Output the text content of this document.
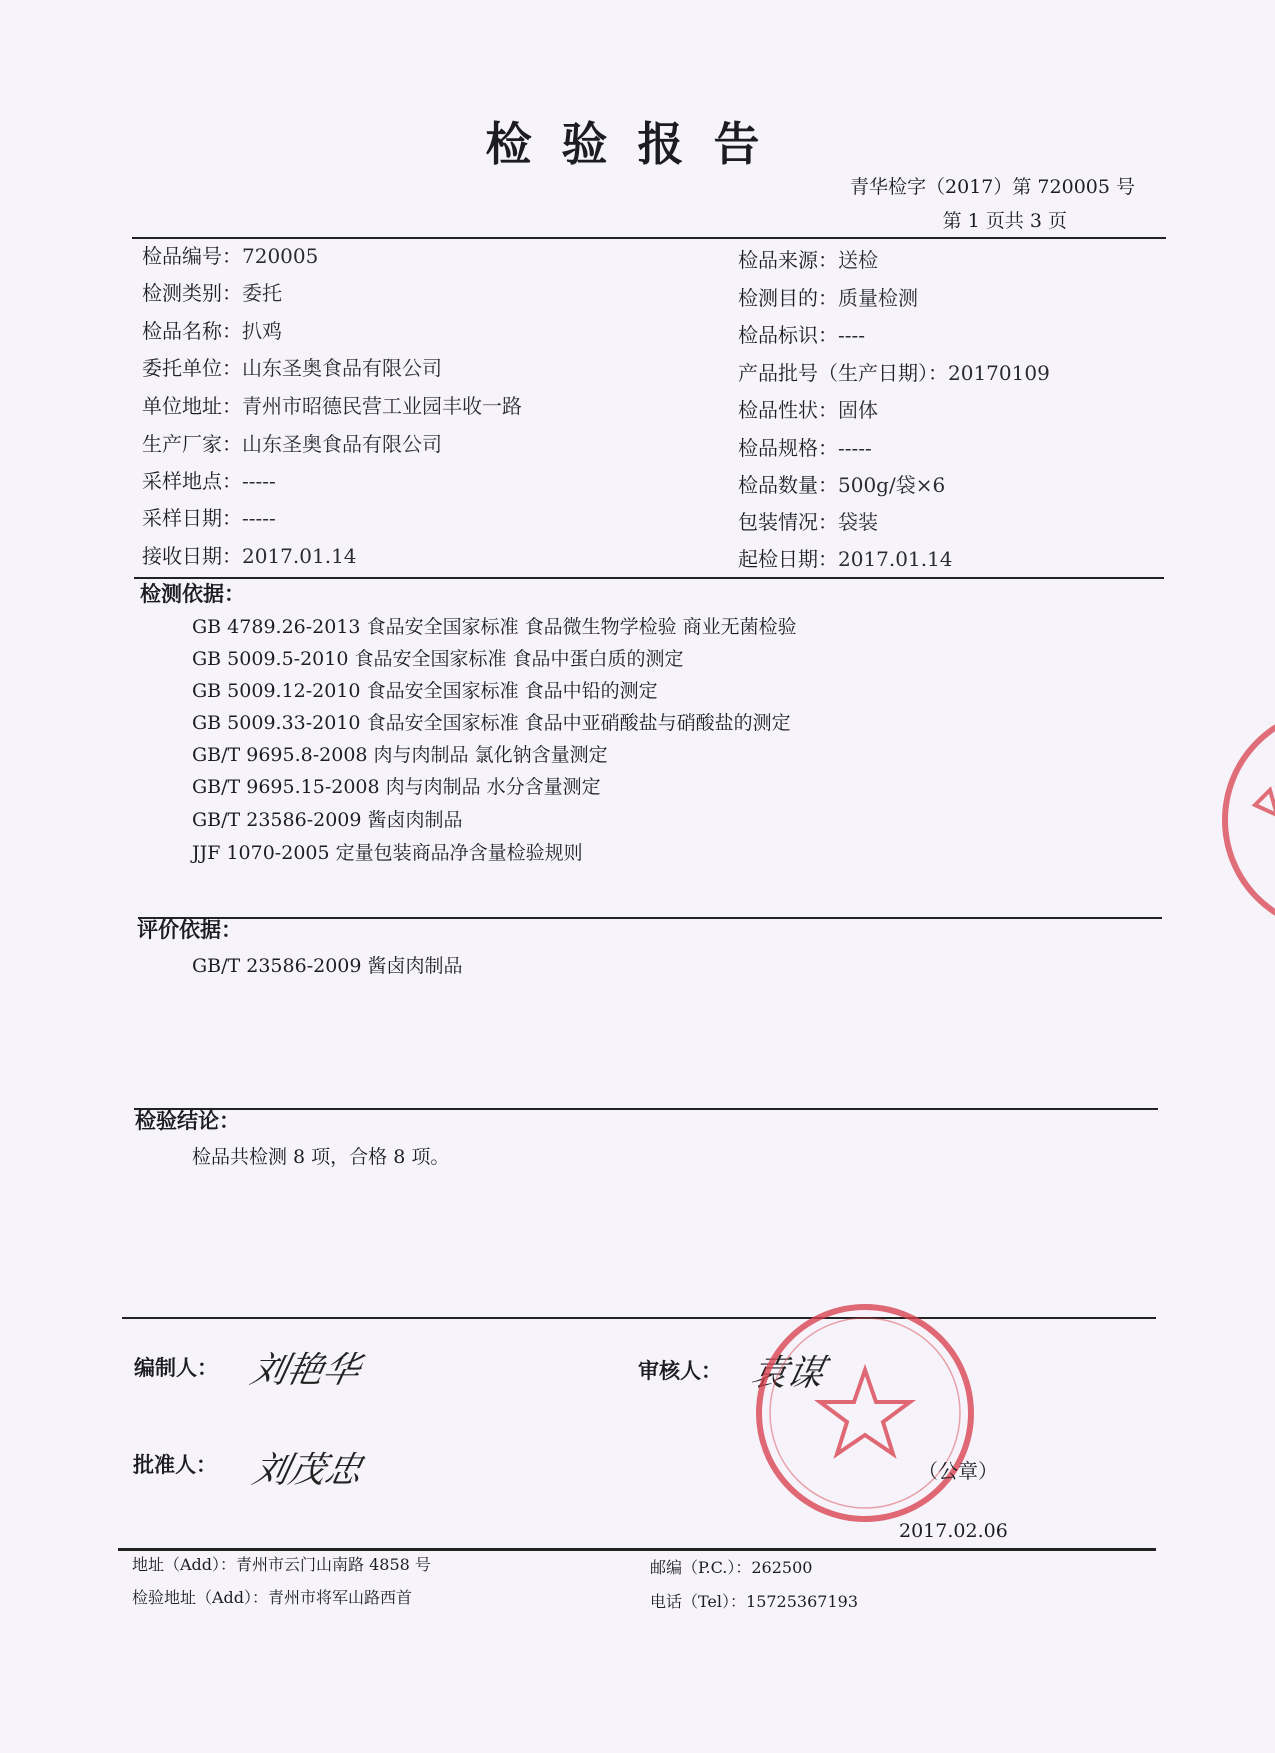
检验报告
青华检字（2017）第 720005 号
第 1 页共 3 页
检品编号：720005
检测类别：委托
检品名称：扒鸡
委托单位：山东圣奥食品有限公司
单位地址：青州市昭德民营工业园丰收一路
生产厂家：山东圣奥食品有限公司
采样地点：-----
采样日期：-----
接收日期：2017.01.14
检品来源：送检
检测目的：质量检测
检品标识：----
产品批号（生产日期）：20170109
检品性状：固体
检品规格：-----
检品数量：500g/袋×6
包装情况：袋装
起检日期：2017.01.14
检测依据：
GB 4789.26-2013 食品安全国家标准 食品微生物学检验 商业无菌检验
GB 5009.5-2010 食品安全国家标准 食品中蛋白质的测定
GB 5009.12-2010 食品安全国家标准 食品中铅的测定
GB 5009.33-2010 食品安全国家标准 食品中亚硝酸盐与硝酸盐的测定
GB/T 9695.8-2008 肉与肉制品 氯化钠含量测定
GB/T 9695.15-2008 肉与肉制品 水分含量测定
GB/T 23586-2009 酱卤肉制品
JJF 1070-2005 定量包装商品净含量检验规则
评价依据：
GB/T 23586-2009 酱卤肉制品
检验结论：
检品共检测 8 项，合格 8 项。
编制人： 刘艳华	审核人： 袁谋
批准人： 刘茂忠	（公章）
2017.02.06
地址（Add）：青州市云门山南路 4858 号
检验地址（Add）：青州市将军山路西首
邮编（P.C.）：262500
电话（Tel）：15725367193
